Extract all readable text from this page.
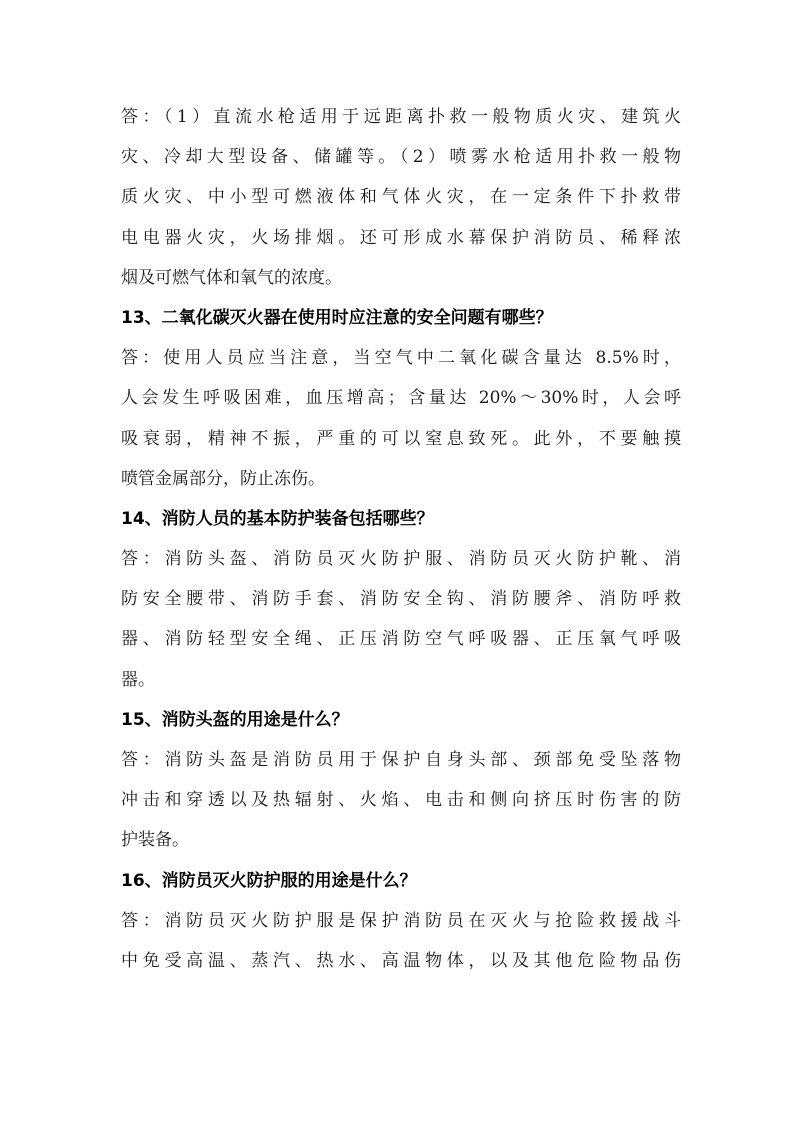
答：（1）直流水枪适用于远距离扑救一般物质火灾、建筑火
灾、冷却大型设备、储罐等。（2）喷雾水枪适用扑救一般物
质火灾、中小型可燃液体和气体火灾，在一定条件下扑救带
电电器火灾，火场排烟。还可形成水幕保护消防员、稀释浓
烟及可燃气体和氧气的浓度。
13、二氧化碳灭火器在使用时应注意的安全问题有哪些？
答：使用人员应当注意，当空气中二氧化碳含量达 8.5%时，
人会发生呼吸困难，血压增高；含量达 20%～30%时，人会呼
吸衰弱，精神不振，严重的可以窒息致死。此外，不要触摸
喷管金属部分，防止冻伤。
14、消防人员的基本防护装备包括哪些？
答：消防头盔、消防员灭火防护服、消防员灭火防护靴、消
防安全腰带、消防手套、消防安全钩、消防腰斧、消防呼救
器、消防轻型安全绳、正压消防空气呼吸器、正压氧气呼吸
器。
15、消防头盔的用途是什么？
答：消防头盔是消防员用于保护自身头部、颈部免受坠落物
冲击和穿透以及热辐射、火焰、电击和侧向挤压时伤害的防
护装备。
16、消防员灭火防护服的用途是什么？
答：消防员灭火防护服是保护消防员在灭火与抢险救援战斗
中免受高温、蒸汽、热水、高温物体，以及其他危险物品伤
